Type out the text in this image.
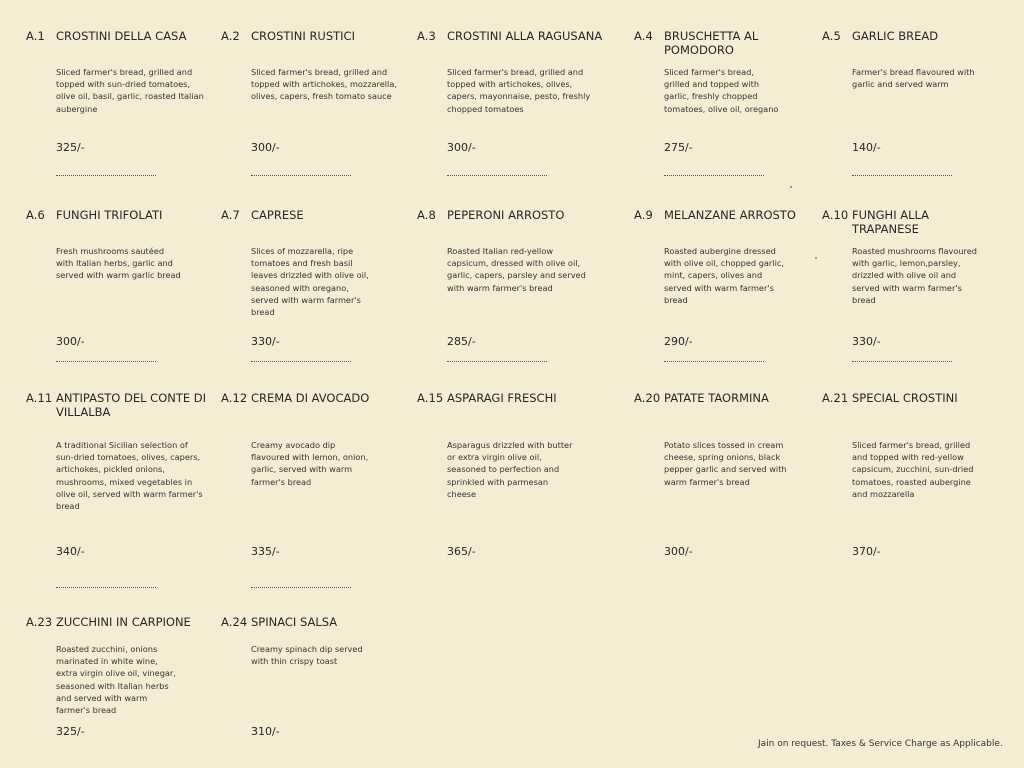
A.1 CROSTINI DELLA CASA
Sliced farmer's bread, grilled and topped with sun-dried tomatoes, olive oil, basil, garlic, roasted Italian aubergine
325/-
A.2 CROSTINI RUSTICI
Sliced farmer's bread, grilled and topped with artichokes, mozzarella, olives, capers, fresh tomato sauce
300/-
A.3 CROSTINI ALLA RAGUSANA
Sliced farmer's bread, grilled and topped with artichokes, olives, capers, mayonnaise, pesto, freshly chopped tomatoes
300/-
A.4 BRUSCHETTA AL POMODORO
Sliced farmer's bread, grilled and topped with garlic, freshly chopped tomatoes, olive oil, oregano
275/-
A.5 GARLIC BREAD
Farmer's bread flavoured with garlic and served warm
140/-
A.6 FUNGHI TRIFOLATI
Fresh mushrooms sautéed with Italian herbs, garlic and served with warm garlic bread
300/-
A.7 CAPRESE
Slices of mozzarella, ripe tomatoes and fresh basil leaves drizzled with olive oil, seasoned with oregano, served with warm farmer's bread
330/-
A.8 PEPERONI ARROSTO
Roasted Italian red-yellow capsicum, dressed with olive oil, garlic, capers, parsley and served with warm farmer's bread
285/-
A.9 MELANZANE ARROSTO
Roasted aubergine dressed with olive oil, chopped garlic, mint, capers, olives and served with warm farmer's bread
290/-
A.10 FUNGHI ALLA TRAPANESE
Roasted mushrooms flavoured with garlic, lemon,parsley, drizzled with olive oil and served with warm farmer's bread
330/-
A.11 ANTIPASTO DEL CONTE DI VILLALBA
A traditional Sicilian selection of sun-dried tomatoes, olives, capers, artichokes, pickled onions, mushrooms, mixed vegetables in olive oil, served with warm farmer's bread
340/-
A.12 CREMA DI AVOCADO
Creamy avocado dip flavoured with lemon, onion, garlic, served with warm farmer's bread
335/-
A.15 ASPARAGI FRESCHI
Asparagus drizzled with butter or extra virgin olive oil, seasoned to perfection and sprinkled with parmesan cheese
365/-
A.20 PATATE TAORMINA
Potato slices tossed in cream cheese, spring onions, black pepper garlic and served with warm farmer's bread
300/-
A.21 SPECIAL CROSTINI
Sliced farmer's bread, grilled and topped with red-yellow capsicum, zucchini, sun-dried tomatoes, roasted aubergine and mozzarella
370/-
A.23 ZUCCHINI IN CARPIONE
Roasted zucchini, onions marinated in white wine, extra virgin olive oil, vinegar, seasoned with Italian herbs and served with warm farmer's bread
325/-
A.24 SPINACI SALSA
Creamy spinach dip served with thin crispy toast
310/-
Jain on request. Taxes & Service Charge as Applicable.
